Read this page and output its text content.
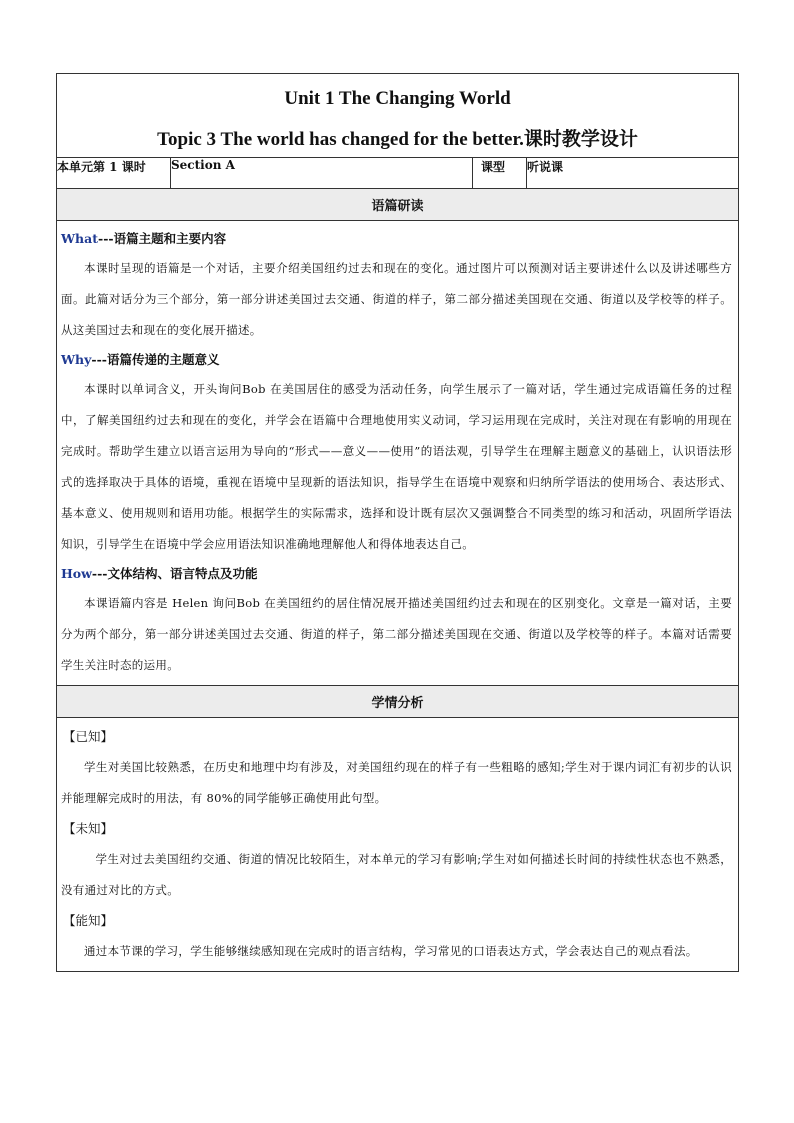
Unit 1 The Changing World
Topic 3 The world has changed for the better.课时教学设计

本单元第 1 课时	Section A	课型	听说课
语篇研读

What---语篇主题和主要内容

本课时呈现的语篇是一个对话，主要介绍美国纽约过去和现在的变化。通过图片可以预测对话主要讲述什么以及讲述哪些方面。此篇对话分为三个部分，第一部分讲述美国过去交通、街道的样子，第二部分描述美国现在交通、街道以及学校等的样子。从这美国过去和现在的变化展开描述。

Why---语篇传递的主题意义

本课时以单词含义，开头询问Bob 在美国居住的感受为活动任务，向学生展示了一篇对话，学生通过完成语篇任务的过程中，了解美国纽约过去和现在的变化，并学会在语篇中合理地使用实义动词，学习运用现在完成时，关注对现在有影响的用现在完成时。帮助学生建立以语言运用为导向的“形式——意义——使用”的语法观，引导学生在理解主题意义的基础上，认识语法形式的选择取决于具体的语境，重视在语境中呈现新的语法知识，指导学生在语境中观察和归纳所学语法的使用场合、表达形式、基本意义、使用规则和语用功能。根据学生的实际需求，选择和设计既有层次又强调整合不同类型的练习和活动，巩固所学语法知识，引导学生在语境中学会应用语法知识准确地理解他人和得体地表达自己。

How---文体结构、语言特点及功能

本课语篇内容是 Helen 询问Bob 在美国纽约的居住情况展开描述美国纽约过去和现在的区别变化。文章是一篇对话，主要分为两个部分，第一部分讲述美国过去交通、街道的样子，第二部分描述美国现在交通、街道以及学校等的样子。本篇对话需要学生关注时态的运用。

学情分析

【已知】

学生对美国比较熟悉，在历史和地理中均有涉及，对美国纽约现在的样子有一些粗略的感知;学生对于课内词汇有初步的认识并能理解完成时的用法，有 80%的同学能够正确使用此句型。

【未知】

学生对过去美国纽约交通、街道的情况比较陌生，对本单元的学习有影响;学生对如何描述长时间的持续性状态也不熟悉，没有通过对比的方式。

【能知】

通过本节课的学习，学生能够继续感知现在完成时的语言结构，学习常见的口语表达方式，学会表达自己的观点看法。
